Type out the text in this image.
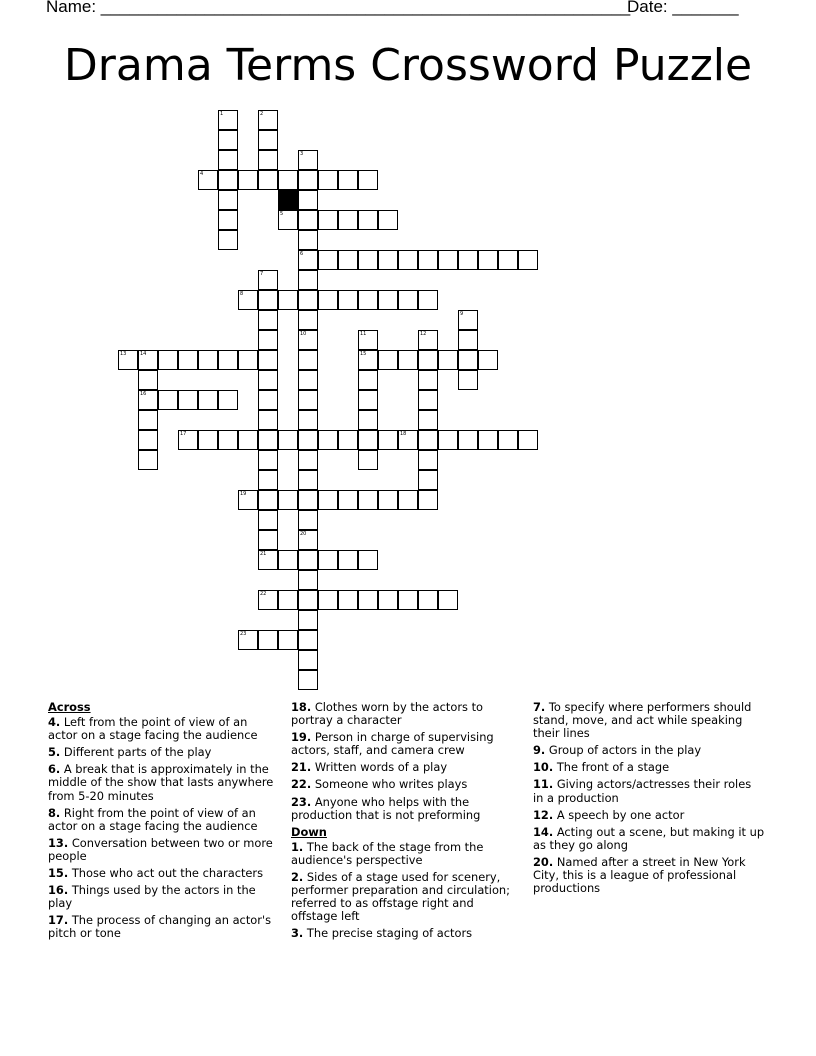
Name: ________________________________________________________
Date: _______
Drama Terms Crossword Puzzle
1	2
3
6
10
20
4
5
7
8
9
11
15
12
13	14
16
17	18
19
21
22
23
Across
4. Left from the point of view of an actor on a stage facing the audience
5. Different parts of the play
6. A break that is approximately in the middle of the show that lasts anywhere from 5-20 minutes
8. Right from the point of view of an actor on a stage facing the audience
13. Conversation between two or more people
15. Those who act out the characters
16. Things used by the actors in the play
17. The process of changing an actor's pitch or tone
18. Clothes worn by the actors to portray a character
19. Person in charge of supervising actors, staff, and camera crew
21. Written words of a play
22. Someone who writes plays
23. Anyone who helps with the production that is not preforming
Down
1. The back of the stage from the audience's perspective
2. Sides of a stage used for scenery, performer preparation and circulation; referred to as offstage right and offstage left
3. The precise staging of actors
7. To specify where performers should stand, move, and act while speaking their lines
9. Group of actors in the play
10. The front of a stage
11. Giving actors/actresses their roles in a production
12. A speech by one actor
14. Acting out a scene, but making it up as they go along
20. Named after a street in New York City, this is a league of professional productions
